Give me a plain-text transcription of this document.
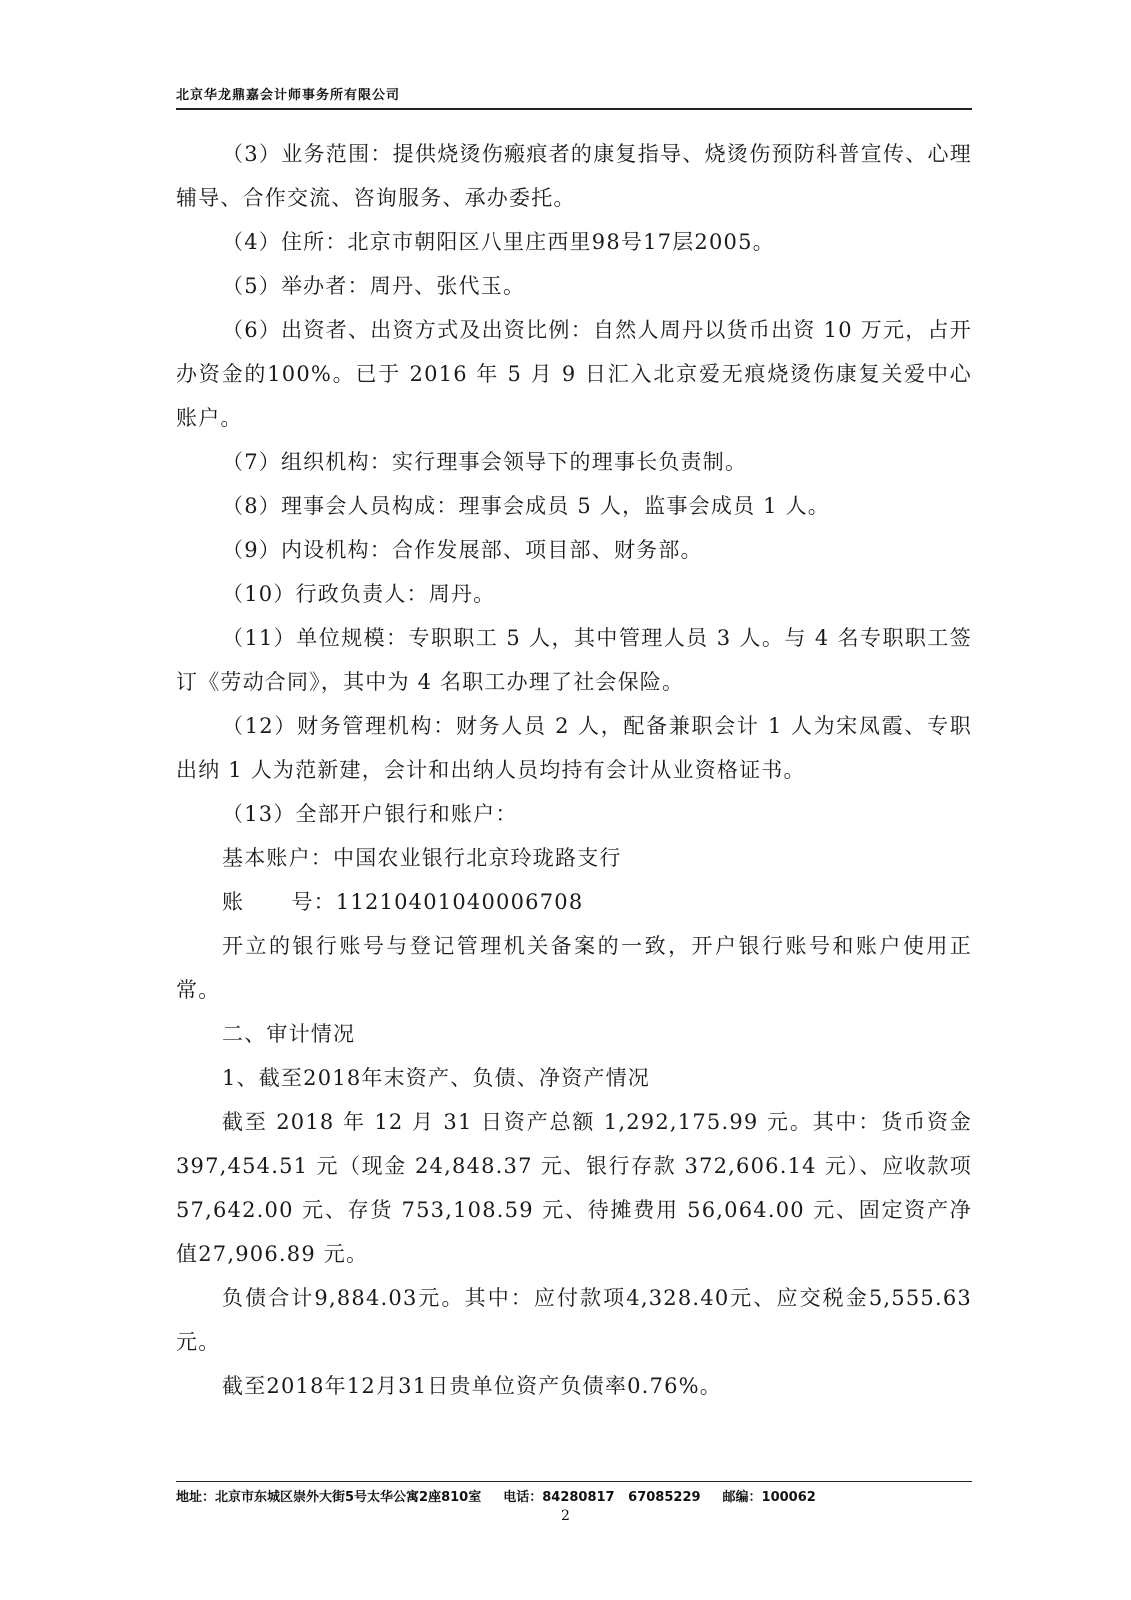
北京华龙鼎嘉会计师事务所有限公司

（3）业务范围：提供烧烫伤瘢痕者的康复指导、烧烫伤预防科普宣传、心理辅导、合作交流、咨询服务、承办委托。

（4）住所：北京市朝阳区八里庄西里98号17层2005。

（5）举办者：周丹、张代玉。

（6）出资者、出资方式及出资比例：自然人周丹以货币出资 10 万元，占开办资金的100%。已于 2016 年 5 月 9 日汇入北京爱无痕烧烫伤康复关爱中心账户。

（7）组织机构：实行理事会领导下的理事长负责制。

（8）理事会人员构成：理事会成员 5 人，监事会成员 1 人。

（9）内设机构：合作发展部、项目部、财务部。

（10）行政负责人：周丹。

（11）单位规模：专职职工 5 人，其中管理人员 3 人。与 4 名专职职工签订《劳动合同》，其中为 4 名职工办理了社会保险。

（12）财务管理机构：财务人员 2 人，配备兼职会计 1 人为宋凤霞、专职出纳 1 人为范新建，会计和出纳人员均持有会计从业资格证书。

（13）全部开户银行和账户：

基本账户：中国农业银行北京玲珑路支行

账      号：11210401040006708

开立的银行账号与登记管理机关备案的一致，开户银行账号和账户使用正常。

二、审计情况

1、截至2018年末资产、负债、净资产情况

截至 2018 年 12 月 31 日资产总额 1,292,175.99 元。其中：货币资金397,454.51 元（现金 24,848.37 元、银行存款 372,606.14 元）、应收款项57,642.00 元、存货 753,108.59 元、待摊费用 56,064.00 元、固定资产净值27,906.89 元。

负债合计9,884.03元。其中：应付款项4,328.40元、应交税金5,555.63元。

截至2018年12月31日贵单位资产负债率0.76%。

地址：北京市东城区崇外大街5号太华公寓2座810室 电话：84280817   67085229 邮编：100062
2
